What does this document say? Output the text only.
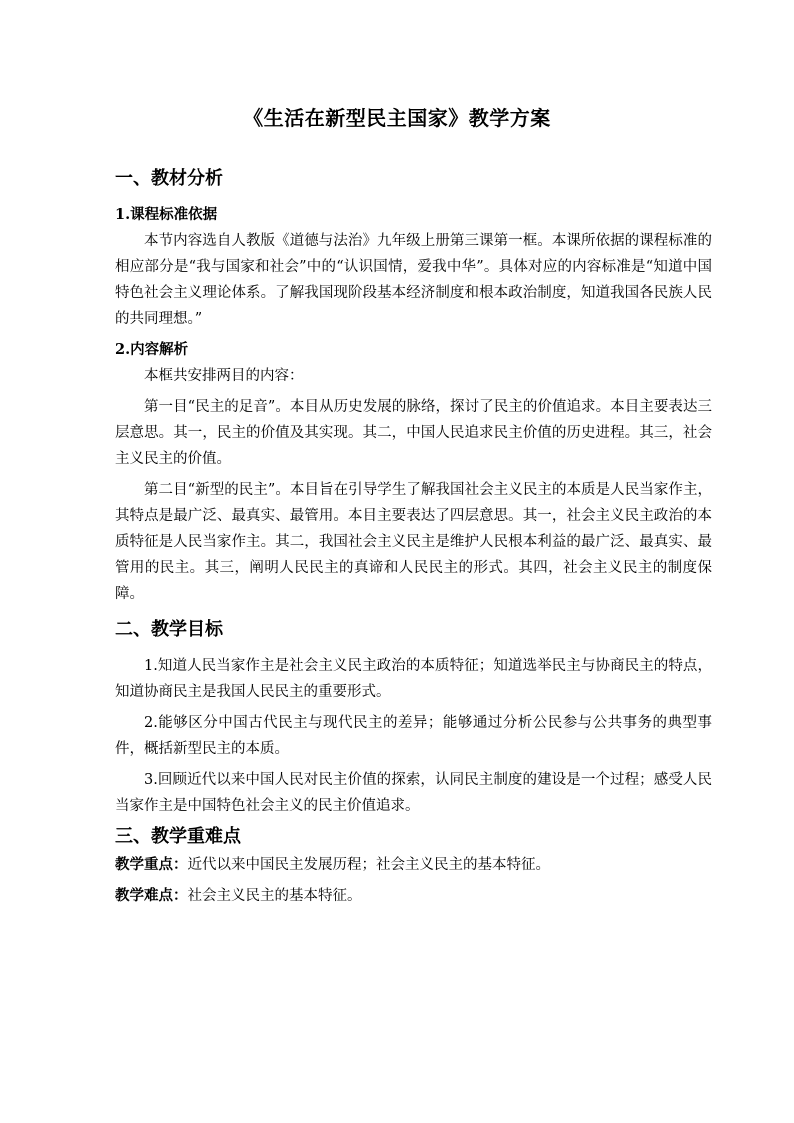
《生活在新型民主国家》教学方案
一、教材分析
1.课程标准依据

本节内容选自人教版《道德与法治》九年级上册第三课第一框。本课所依据的课程标准的相应部分是“我与国家和社会”中的“认识国情，爱我中华”。具体对应的内容标准是“知道中国特色社会主义理论体系。了解我国现阶段基本经济制度和根本政治制度，知道我国各民族人民的共同理想。”

2.内容解析

本框共安排两目的内容：

第一目“民主的足音”。本目从历史发展的脉络，探讨了民主的价值追求。本目主要表达三层意思。其一，民主的价值及其实现。其二，中国人民追求民主价值的历史进程。其三，社会主义民主的价值。

第二目“新型的民主”。本目旨在引导学生了解我国社会主义民主的本质是人民当家作主，其特点是最广泛、最真实、最管用。本目主要表达了四层意思。其一，社会主义民主政治的本质特征是人民当家作主。其二，我国社会主义民主是维护人民根本利益的最广泛、最真实、最管用的民主。其三，阐明人民民主的真谛和人民民主的形式。其四，社会主义民主的制度保障。

二、教学目标

1.知道人民当家作主是社会主义民主政治的本质特征；知道选举民主与协商民主的特点，知道协商民主是我国人民民主的重要形式。

2.能够区分中国古代民主与现代民主的差异；能够通过分析公民参与公共事务的典型事件，概括新型民主的本质。

3.回顾近代以来中国人民对民主价值的探索，认同民主制度的建设是一个过程；感受人民当家作主是中国特色社会主义的民主价值追求。

三、教学重难点

教学重点：近代以来中国民主发展历程；社会主义民主的基本特征。

教学难点：社会主义民主的基本特征。
